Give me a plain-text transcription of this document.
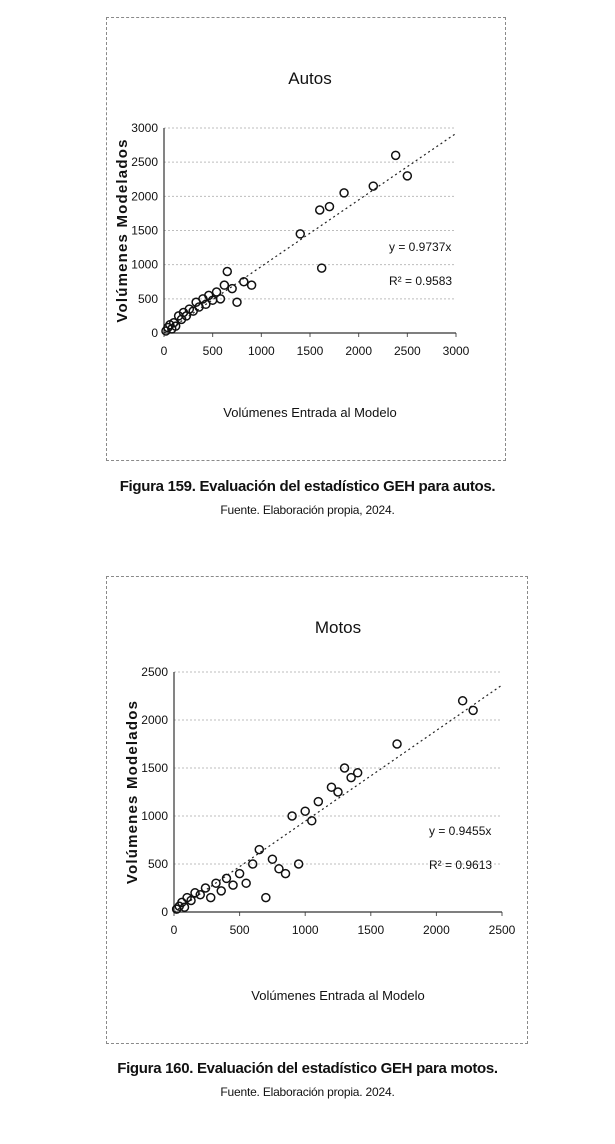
Autos
0
500
1000
1500
2000
2500
3000
0	500 1000 1500 2000 2500 3000
Volúmenes Entrada al Modelo
Volúmenes Modelados	y = 0.9737x
R² = 0.9583
Figura 159. Evaluación del estadístico GEH para autos.
Fuente. Elaboración propia, 2024.
Motos
0
500
1000
1500
2000
2500
0	500	1000	1500	2000	2500
Volúmenes Entrada al Modelo
Volúmenes Modelados	y = 0.9455x
R² = 0.9613
Figura 160. Evaluación del estadístico GEH para motos.
Fuente. Elaboración propia. 2024.
